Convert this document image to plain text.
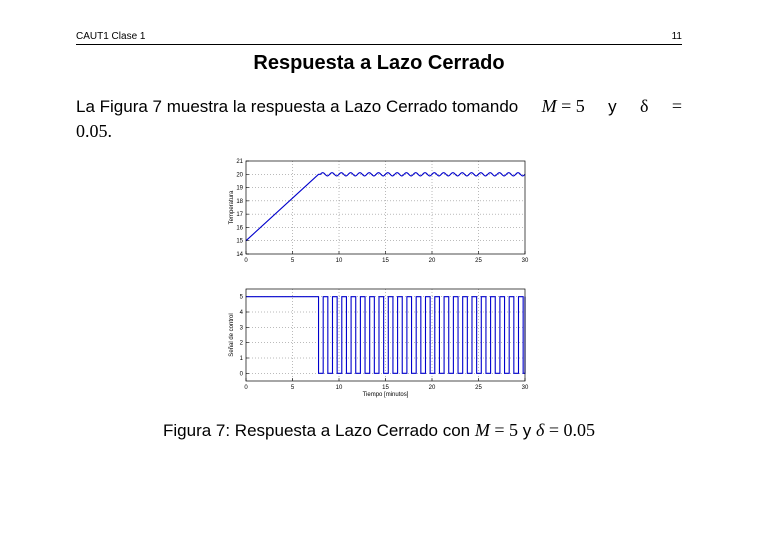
CAUT1 Clase 1	11
Respuesta a Lazo Cerrado
La Figura 7 muestra la respuesta a Lazo Cerrado tomando M = 5 y δ =
0.05.
0	5	10	15	20	25	30
14
15
16
17
18
19
20
21
Temperatura
0	5	10	15	20	25	30
0
1
2
3
4
5
Señal de control
Tiempo [minutos]
Figura 7: Respuesta a Lazo Cerrado con M = 5 y δ = 0.05
